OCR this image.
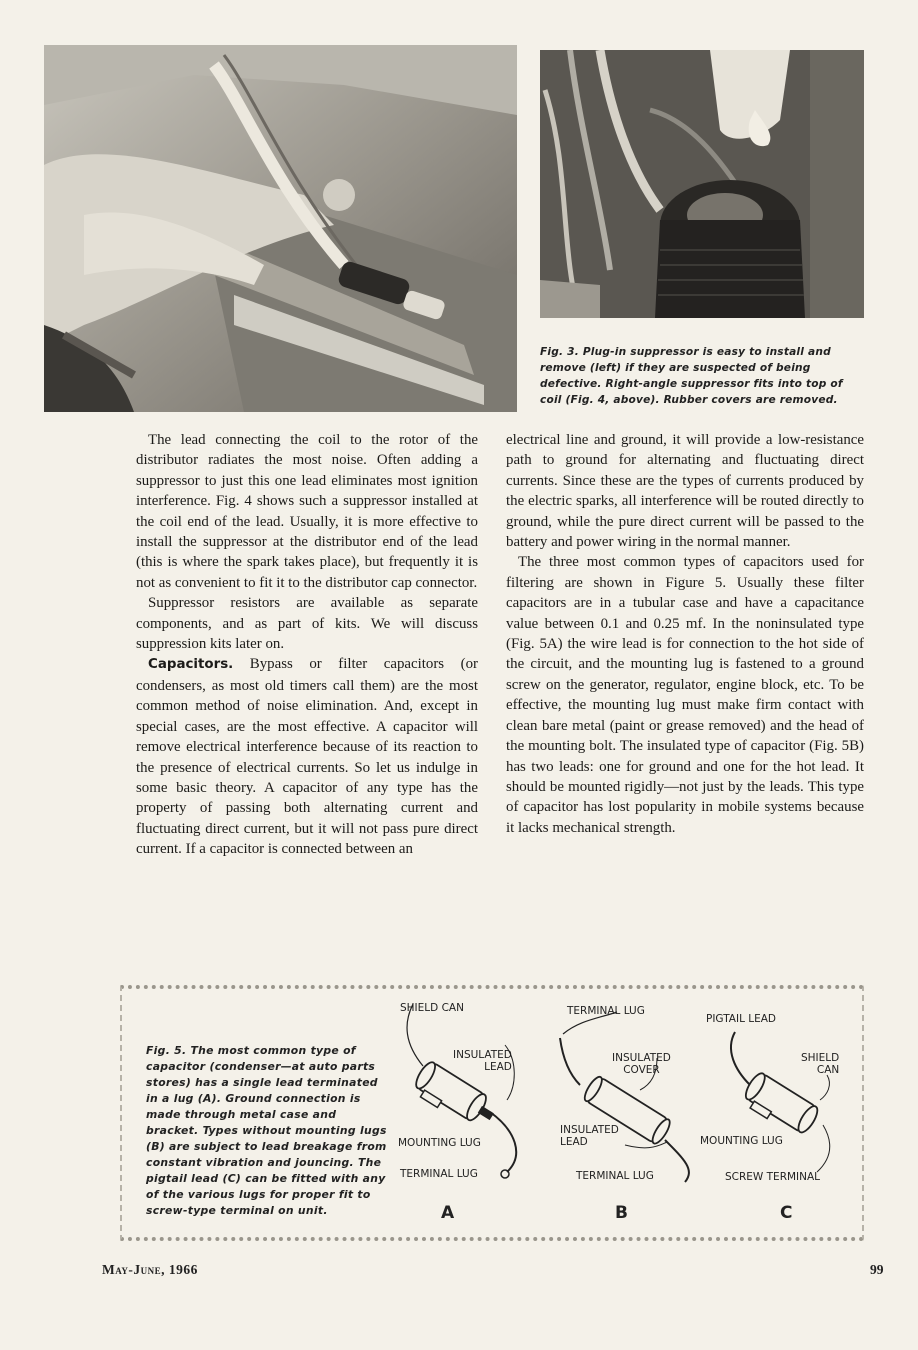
Fig. 3. Plug-in suppressor is easy to install and remove (left) if they are suspected of being defective. Right-angle suppressor fits into top of coil (Fig. 4, above). Rubber covers are removed.

The lead connecting the coil to the rotor of the distributor radiates the most noise. Often adding a suppressor to just this one lead eliminates most ignition interference. Fig. 4 shows such a suppressor installed at the coil end of the lead. Usually, it is more effective to install the suppressor at the distributor end of the lead (this is where the spark takes place), but frequently it is not as convenient to fit it to the distributor cap connector.

Suppressor resistors are available as separate components, and as part of kits. We will discuss suppression kits later on.

Capacitors. Bypass or filter capacitors (or condensers, as most old timers call them) are the most common method of noise elimination. And, except in special cases, are the most effective. A capacitor will remove electrical interference because of its reaction to the presence of electrical currents. So let us indulge in some basic theory. A capacitor of any type has the property of passing both alternating current and fluctuating direct current, but it will not pass pure direct current. If a capacitor is connected between an

electrical line and ground, it will provide a low-resistance path to ground for alternating and fluctuating direct currents. Since these are the types of currents produced by the electric sparks, all interference will be routed directly to ground, while the pure direct current will be passed to the battery and power wiring in the normal manner.

The three most common types of capacitors used for filtering are shown in Figure 5. Usually these filter capacitors are in a tubular case and have a capacitance value between 0.1 and 0.25 mf. In the noninsulated type (Fig. 5A) the wire lead is for connection to the hot side of the circuit, and the mounting lug is fastened to a ground screw on the generator, regulator, engine block, etc. To be effective, the mounting lug must make firm contact with clean bare metal (paint or grease removed) and the head of the mounting bolt. The insulated type of capacitor (Fig. 5B) has two leads: one for ground and one for the hot lead. It should be mounted rigidly—not just by the leads. This type of capacitor has lost popularity in mobile systems because it lacks mechanical strength.

Fig. 5. The most common type of capacitor (condenser—at auto parts stores) has a single lead terminated in a lug (A). Ground connection is made through metal case and bracket. Types without mounting lugs (B) are subject to lead breakage from constant vibration and jouncing. The pigtail lead (C) can be fitted with any of the various lugs for proper fit to screw-type terminal on unit.
SHIELD CAN
INSULATED
LEAD
MOUNTING LUG
TERMINAL LUG
TERMINAL LUG
INSULATED
COVER
INSULATED
LEAD
TERMINAL LUG
PIGTAIL LEAD
SHIELD
CAN
MOUNTING LUG
SCREW TERMINAL
A	B	C
May-June, 1966	99
